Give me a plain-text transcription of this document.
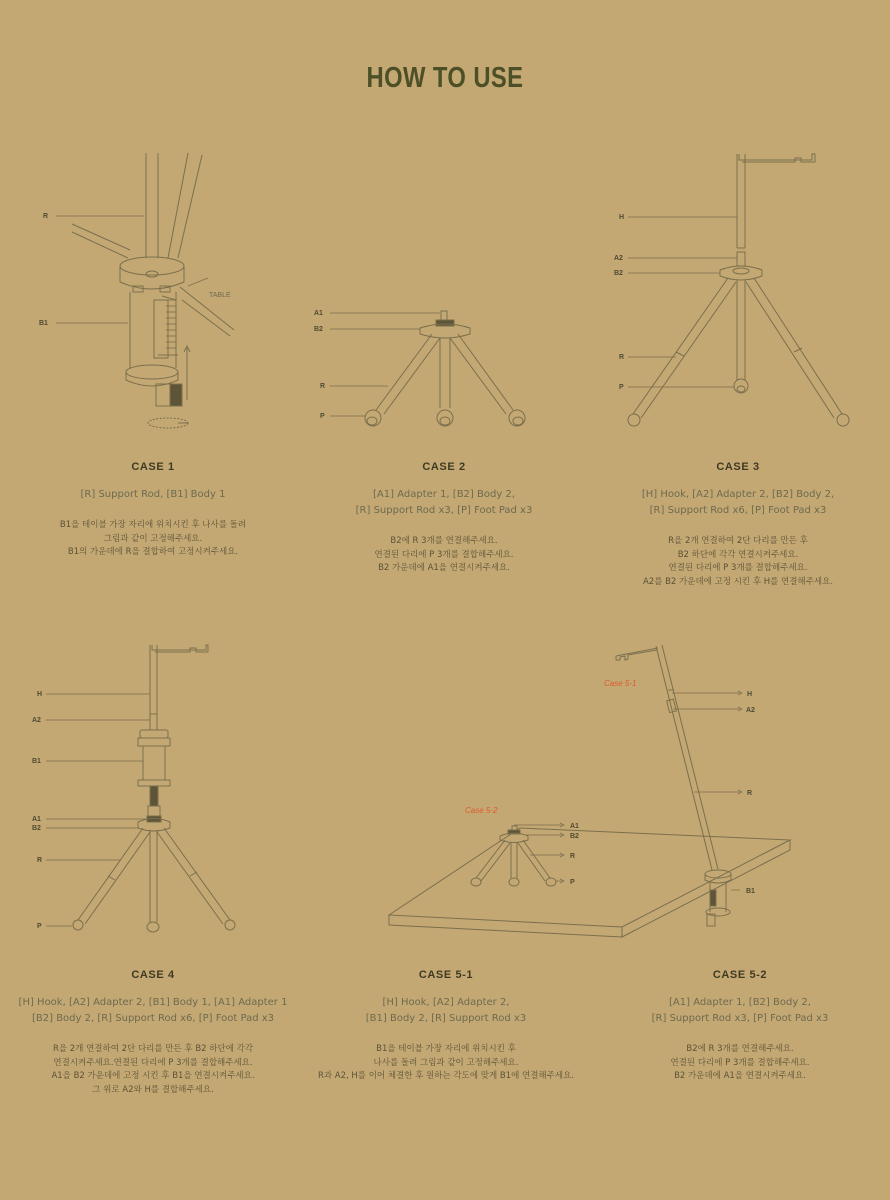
HOW TO USE
R
B1
TABLE
A1
B2
R
P
H
A2
B2
R
P
H
A2
B1
A1
B2
R
P
H
A2
R
B1
A1
B2
R
P
Case 5-1
Case 5-2
CASE 1
[R] Support Rod, [B1] Body 1
B1을 테이블 가장 자리에 위치시킨 후 나사를 돌려
그림과 같이 고정해주세요.
B1의 가운데에 R을 결합하여 고정시켜주세요.
CASE 2
[A1] Adapter 1, [B2] Body 2,
[R] Support Rod x3, [P] Foot Pad x3
B2에 R 3개를 연결해주세요.
연결된 다리에 P 3개를 결합해주세요.
B2 가운데에 A1을 연결시켜주세요.
CASE 3
[H] Hook, [A2] Adapter 2, [B2] Body 2,
[R] Support Rod x6, [P] Foot Pad x3
R을 2개 연결하여 2단 다리를 만든 후
B2 하단에 각각 연결시켜주세요.
연결된 다리에 P 3개를 결합해주세요.
A2를 B2 가운데에 고정 시킨 후 H를 연결해주세요.
CASE 4
[H] Hook, [A2] Adapter 2, [B1] Body 1, [A1] Adapter 1
[B2] Body 2, [R] Support Rod x6, [P] Foot Pad x3
R을 2개 연결하여 2단 다리를 만든 후 B2 하단에 각각
연결시켜주세요.연결된 다리에 P 3개를 결합해주세요.
A1을 B2 가운데에 고정 시킨 후 B1을 연결시켜주세요.
그 위로 A2와 H를 결합해주세요.
CASE 5-1
[H] Hook, [A2] Adapter 2,
[B1] Body 2, [R] Support Rod x3
B1을 테이블 가장 자리에 위치시킨 후
나사를 돌려 그림과 같이 고정해주세요.
R과 A2, H를 이어 체결한 후 원하는 각도에 맞게 B1에 연결해주세요.
CASE 5-2
[A1] Adapter 1, [B2] Body 2,
[R] Support Rod x3, [P] Foot Pad x3
B2에 R 3개를 연결해주세요.
연결된 다리에 P 3개를 결합해주세요.
B2 가운데에 A1을 연결시켜주세요.
